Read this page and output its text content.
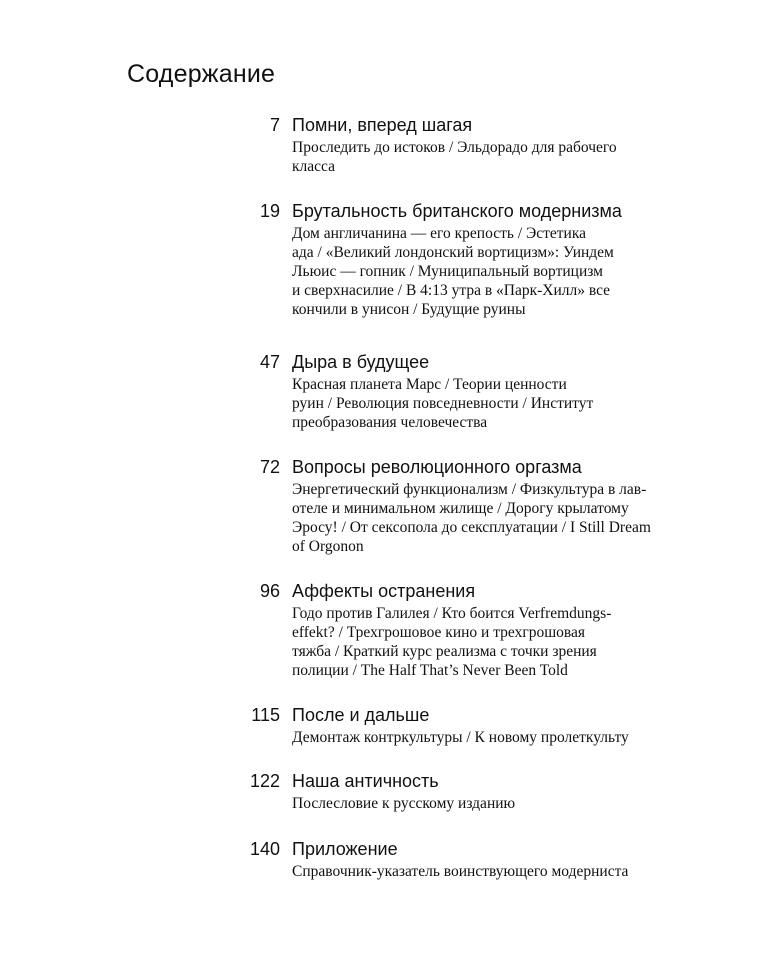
Содержание
7 Помни, вперед шагая
Проследить до истоков / Эльдорадо для рабочего
класса
19 Брутальность британского модернизма
Дом англичанина — его крепость / Эстетика
ада / «Великий лондонский вортицизм»: Уиндем
Льюис — гопник / Муниципальный вортицизм
и сверхнасилие / В 4:13 утра в «Парк-Хилл» все
кончили в унисон / Будущие руины
47 Дыра в будущее
Красная планета Марс / Теории ценности
руин / Революция повседневности / Институт
преобразования человечества
72 Вопросы революционного оргазма
Энергетический функционализм / Физкультура в лав-
отеле и минимальном жилище / Дорогу крылатому
Эросу! / От сексопола до сексплуатации / I Still Dream
of Orgonon
96 Аффекты остранения
Годо против Галилея / Кто боится Verfremdungs-
effekt? / Трехгрошовое кино и трехгрошовая
тяжба / Краткий курс реализма с точки зрения
полиции / The Half That’s Never Been Told
115 После и дальше
Демонтаж контркультуры / К новому пролеткульту
122 Наша античность
Послесловие к русскому изданию
140 Приложение
Справочник-указатель воинствующего модерниста
